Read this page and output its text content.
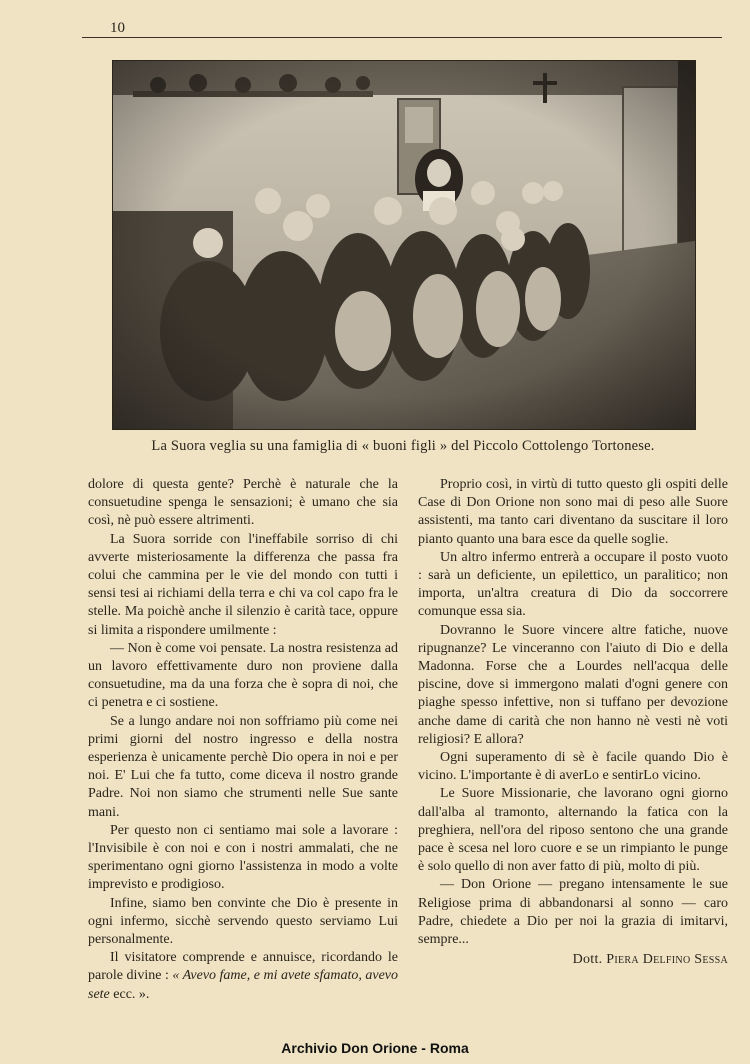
10
La Suora veglia su una famiglia di « buoni figli » del Piccolo Cottolengo Tortonese.

dolore di questa gente? Perchè è naturale che la consuetudine spenga le sensazioni; è umano che sia così, nè può essere altrimenti.

La Suora sorride con l'ineffabile sorriso di chi avverte misteriosamente la differenza che passa fra colui che cammina per le vie del mondo con tutti i sensi tesi ai richiami della terra e chi va col capo fra le stelle. Ma poichè anche il silenzio è carità tace, oppure si limita a rispondere umilmente :

— Non è come voi pensate. La nostra resistenza ad un lavoro effettivamente duro non proviene dalla consuetudine, ma da una forza che è sopra di noi, che ci penetra e ci sostiene.

Se a lungo andare noi non soffriamo più come nei primi giorni del nostro ingresso e della nostra esperienza è unicamente perchè Dio opera in noi e per noi. E' Lui che fa tutto, come diceva il nostro grande Padre. Noi non siamo che strumenti nelle Sue sante mani.

Per questo non ci sentiamo mai sole a lavorare : l'Invisibile è con noi e con i nostri ammalati, che ne sperimentano ogni giorno l'assistenza in modo a volte imprevisto e prodigioso.

Infine, siamo ben convinte che Dio è presente in ogni infermo, sicchè servendo questo serviamo Lui personalmente.

Il visitatore comprende e annuisce, ricordando le parole divine : « Avevo fame, e mi avete sfamato, avevo sete ecc. ».

Proprio così, in virtù di tutto questo gli ospiti delle Case di Don Orione non sono mai di peso alle Suore assistenti, ma tanto cari diventano da suscitare il loro pianto quanto una bara esce da quelle soglie.

Un altro infermo entrerà a occupare il posto vuoto : sarà un deficiente, un epilettico, un paralitico; non importa, un'altra creatura di Dio da soccorrere comunque essa sia.

Dovranno le Suore vincere altre fatiche, nuove ripugnanze? Le vinceranno con l'aiuto di Dio e della Madonna. Forse che a Lourdes nell'acqua delle piscine, dove si immergono malati d'ogni genere con piaghe spesso infettive, non si tuffano per devozione anche dame di carità che non hanno nè vesti nè voti religiosi? E allora?

Ogni superamento di sè è facile quando Dio è vicino. L'importante è di averLo e sentirLo vicino.

Le Suore Missionarie, che lavorano ogni giorno dall'alba al tramonto, alternando la fatica con la preghiera, nell'ora del riposo sentono che una grande pace è scesa nel loro cuore e se un rimpianto le punge è solo quello di non aver fatto di più, molto di più.

— Don Orione — pregano intensamente le sue Religiose prima di abbandonarsi al sonno — caro Padre, chiedete a Dio per noi la grazia di imitarvi, sempre...

Dott. Piera Delfino Sessa
Archivio Don Orione - Roma
